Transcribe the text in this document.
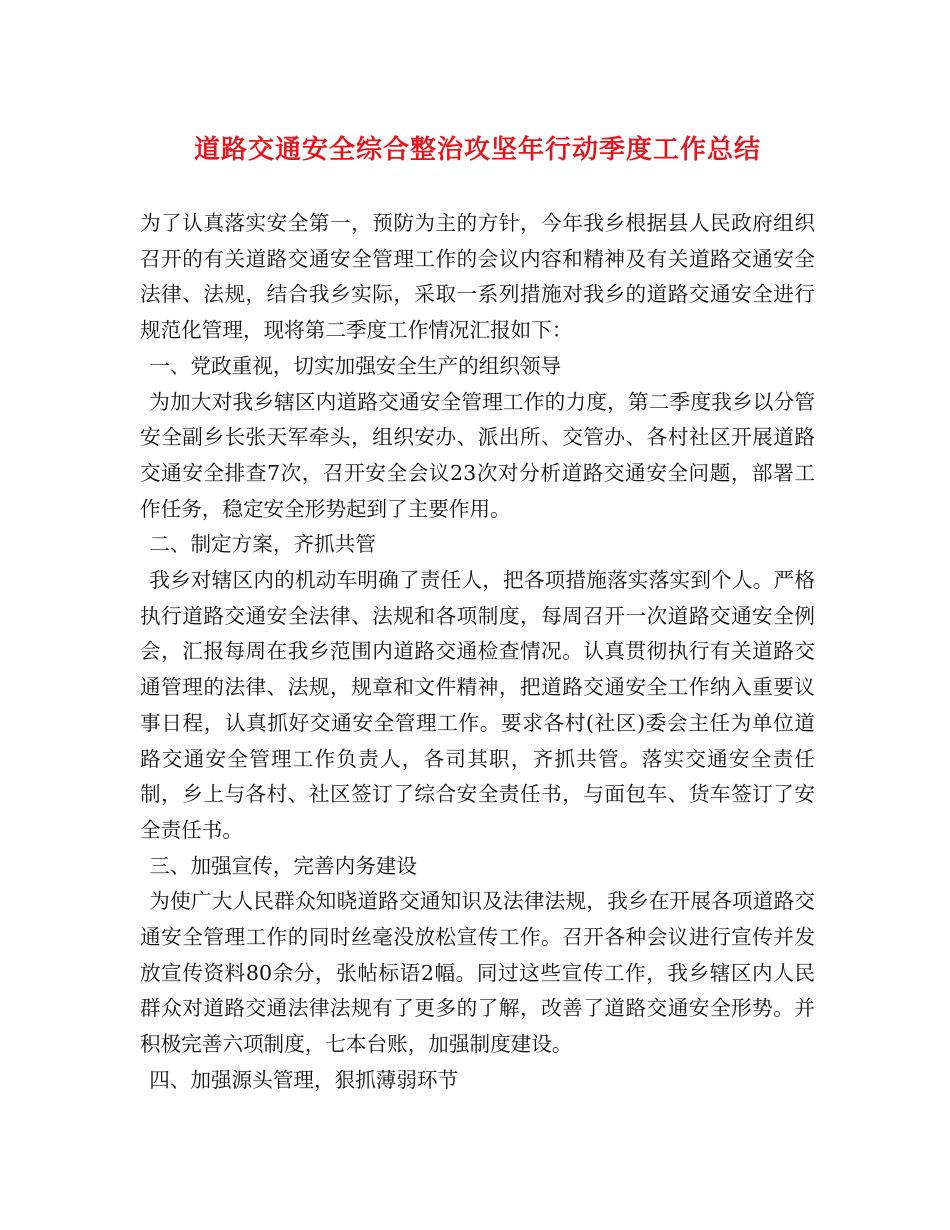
道路交通安全综合整治攻坚年行动季度工作总结

为了认真落实安全第一，预防为主的方针，今年我乡根据县人民政府组织召开的有关道路交通安全管理工作的会议内容和精神及有关道路交通安全法律、法规，结合我乡实际，采取一系列措施对我乡的道路交通安全进行规范化管理，现将第二季度工作情况汇报如下：

一、党政重视，切实加强安全生产的组织领导

为加大对我乡辖区内道路交通安全管理工作的力度，第二季度我乡以分管安全副乡长张天军牵头，组织安办、派出所、交管办、各村社区开展道路交通安全排查7次，召开安全会议23次对分析道路交通安全问题，部署工作任务，稳定安全形势起到了主要作用。

二、制定方案，齐抓共管

我乡对辖区内的机动车明确了责任人，把各项措施落实落实到个人。严格执行道路交通安全法律、法规和各项制度，每周召开一次道路交通安全例会，汇报每周在我乡范围内道路交通检查情况。认真贯彻执行有关道路交通管理的法律、法规，规章和文件精神，把道路交通安全工作纳入重要议事日程，认真抓好交通安全管理工作。要求各村(社区)委会主任为单位道路交通安全管理工作负责人，各司其职，齐抓共管。落实交通安全责任制，乡上与各村、社区签订了综合安全责任书，与面包车、货车签订了安全责任书。

三、加强宣传，完善内务建设

为使广大人民群众知晓道路交通知识及法律法规，我乡在开展各项道路交通安全管理工作的同时丝毫没放松宣传工作。召开各种会议进行宣传并发放宣传资料80余分，张帖标语2幅。同过这些宣传工作，我乡辖区内人民群众对道路交通法律法规有了更多的了解，改善了道路交通安全形势。并积极完善六项制度，七本台账，加强制度建设。

四、加强源头管理，狠抓薄弱环节
